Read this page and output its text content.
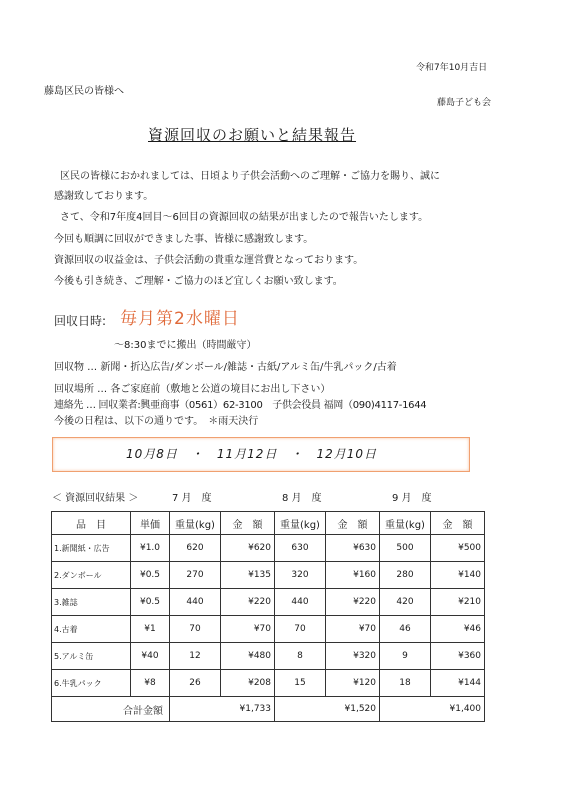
令和7年10月吉日
藤島区民の皆様へ
藤島子ども会
資源回収のお願いと結果報告

区民の皆様におかれましては、日頃より子供会活動へのご理解・ご協力を賜り、誠に

感謝致しております。

さて、令和7年度4回目～6回目の資源回収の結果が出ましたので報告いたします。

今回も順調に回収ができました事、皆様に感謝致します。

資源回収の収益金は、子供会活動の貴重な運営費となっております。

今後も引き続き、ご理解・ご協力のほど宜しくお願い致します。

回収日時: 毎月第2水曜日
～8:30までに搬出（時間厳守）
回収物 … 新聞・折込広告/ダンボール/雑誌・古紙/アルミ缶/牛乳パック/古着
回収場所 … 各ご家庭前（敷地と公道の境目にお出し下さい）
連絡先 … 回収業者:興亜商事（0561）62-3100　子供会役員 福岡（090)4117-1644
今後の日程は、以下の通りです。　＊雨天決行
10月8日　・　11月12日　・　12月10日
＜ 資源回収結果 ＞	7 月　度	8 月　度	9 月　度
品　目	単価	重量(kg)	金　額	重量(kg)	金　額	重量(kg)	金　額
1.新聞紙・広告	¥1.0	620	¥620	630	¥630	500	¥500
2.ダンボール	¥0.5	270	¥135	320	¥160	280	¥140
3.雑誌	¥0.5	440	¥220	440	¥220	420	¥210
4.古着	¥1	70	¥70	70	¥70	46	¥46
5.アルミ缶	¥40	12	¥480	8	¥320	9	¥360
6.牛乳パック	¥8	26	¥208	15	¥120	18	¥144
合計金額		¥1,733		¥1,520		¥1,400	
